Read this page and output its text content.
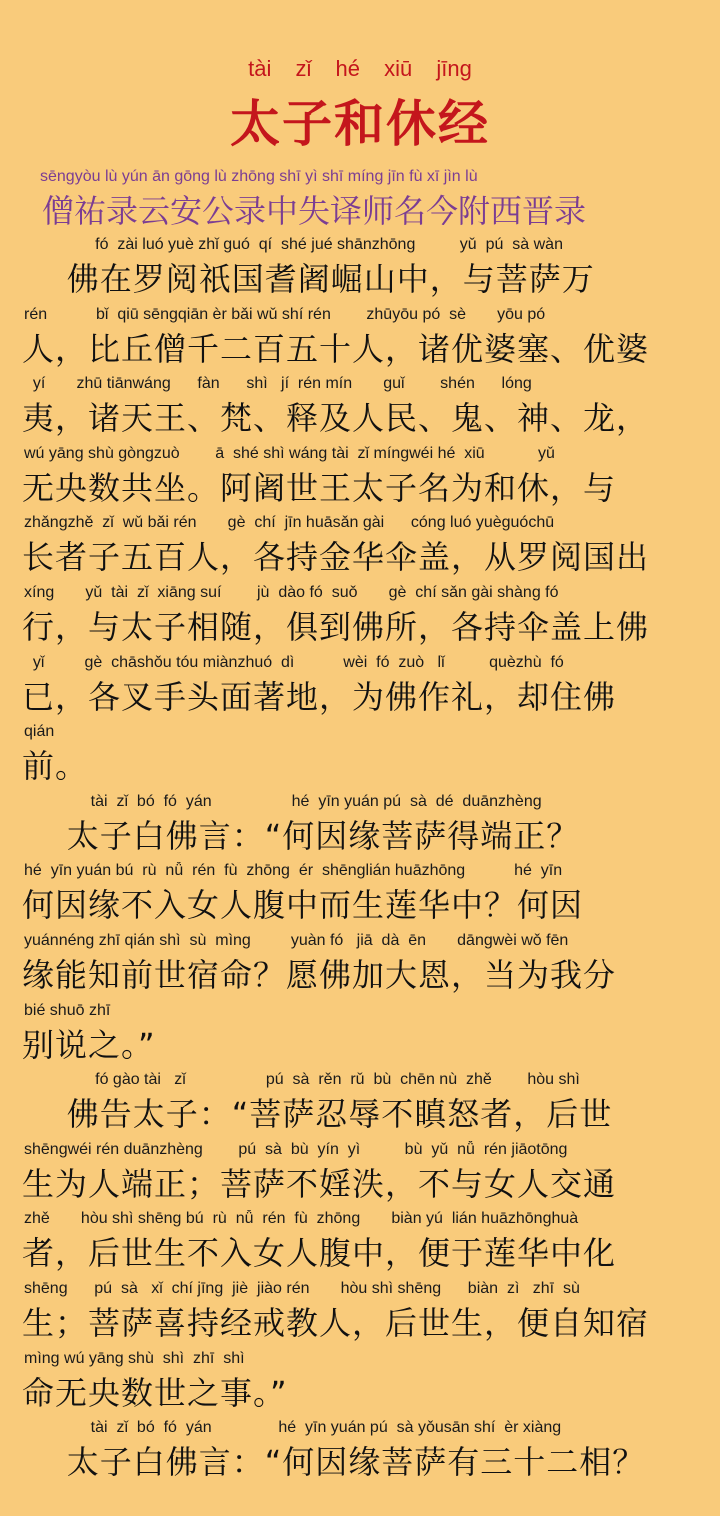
tài zǐ hé xiū jīng
太子和休经
sēngyòu lù yún ān gōng lù zhōng shī yì shī míng jīn fù xī jìn lù
僧祐录云安公录中失译师名今附西晋录
fó  zài luó yuè zhǐ guó  qí  shé jué shānzhōng          yǔ  pú  sà wàn
佛在罗阅祇国耆阇崛山中，与菩萨万
rén           bǐ  qiū sēngqiān èr bǎi wǔ shí rén        zhūyōu pó  sè       yōu pó
人，比丘僧千二百五十人，诸优婆塞、优婆
yí       zhū tiānwáng      fàn      shì   jí  rén mín       guǐ        shén      lóng
夷，诸天王、梵、释及人民、鬼、神、龙，
wú yāng shù gòngzuò        ā  shé shì wáng tài  zǐ míngwéi hé  xiū            yǔ
无央数共坐。阿阇世王太子名为和休，与
zhǎngzhě  zǐ  wǔ bǎi rén       gè  chí  jīn huāsǎn gài      cóng luó yuèguóchū
长者子五百人，各持金华伞盖，从罗阅国出
xíng       yǔ  tài  zǐ  xiāng suí        jù  dào fó  suǒ       gè  chí sǎn gài shàng fó
行，与太子相随，俱到佛所，各持伞盖上佛
yǐ         gè  chāshǒu tóu miànzhuó  dì           wèi  fó  zuò   lǐ          quèzhù  fó
已，各叉手头面著地，为佛作礼，却住佛
qián
前。
tài  zǐ  bó  fó  yán                  hé  yīn yuán pú  sà  dé  duānzhèng
太子白佛言：“何因缘菩萨得端正？
hé  yīn yuán bú  rù  nǚ  rén  fù  zhōng  ér  shēnglián huāzhōng           hé  yīn
何因缘不入女人腹中而生莲华中？何因
yuánnéng zhī qián shì  sù  mìng         yuàn fó   jiā  dà  ēn       dāngwèi wǒ fēn
缘能知前世宿命？愿佛加大恩，当为我分
bié shuō zhī
别说之。”
fó gào tài   zǐ                  pú  sà  rěn  rǔ  bù  chēn nù  zhě        hòu shì
佛告太子：“菩萨忍辱不瞋怒者，后世
shēngwéi rén duānzhèng        pú  sà  bù  yín  yì          bù  yǔ  nǚ  rén jiāotōng
生为人端正；菩萨不婬泆，不与女人交通
zhě       hòu shì shēng bú  rù  nǚ  rén  fù  zhōng       biàn yú  lián huāzhōnghuà
者，后世生不入女人腹中，便于莲华中化
shēng      pú  sà   xǐ  chí jīng  jiè  jiào rén       hòu shì shēng      biàn  zì   zhī  sù
生；菩萨喜持经戒教人，后世生，便自知宿
mìng wú yāng shù  shì  zhī  shì
命无央数世之事。”
tài  zǐ  bó  fó  yán               hé  yīn yuán pú  sà yǒusān shí  èr xiàng
太子白佛言：“何因缘菩萨有三十二相？
